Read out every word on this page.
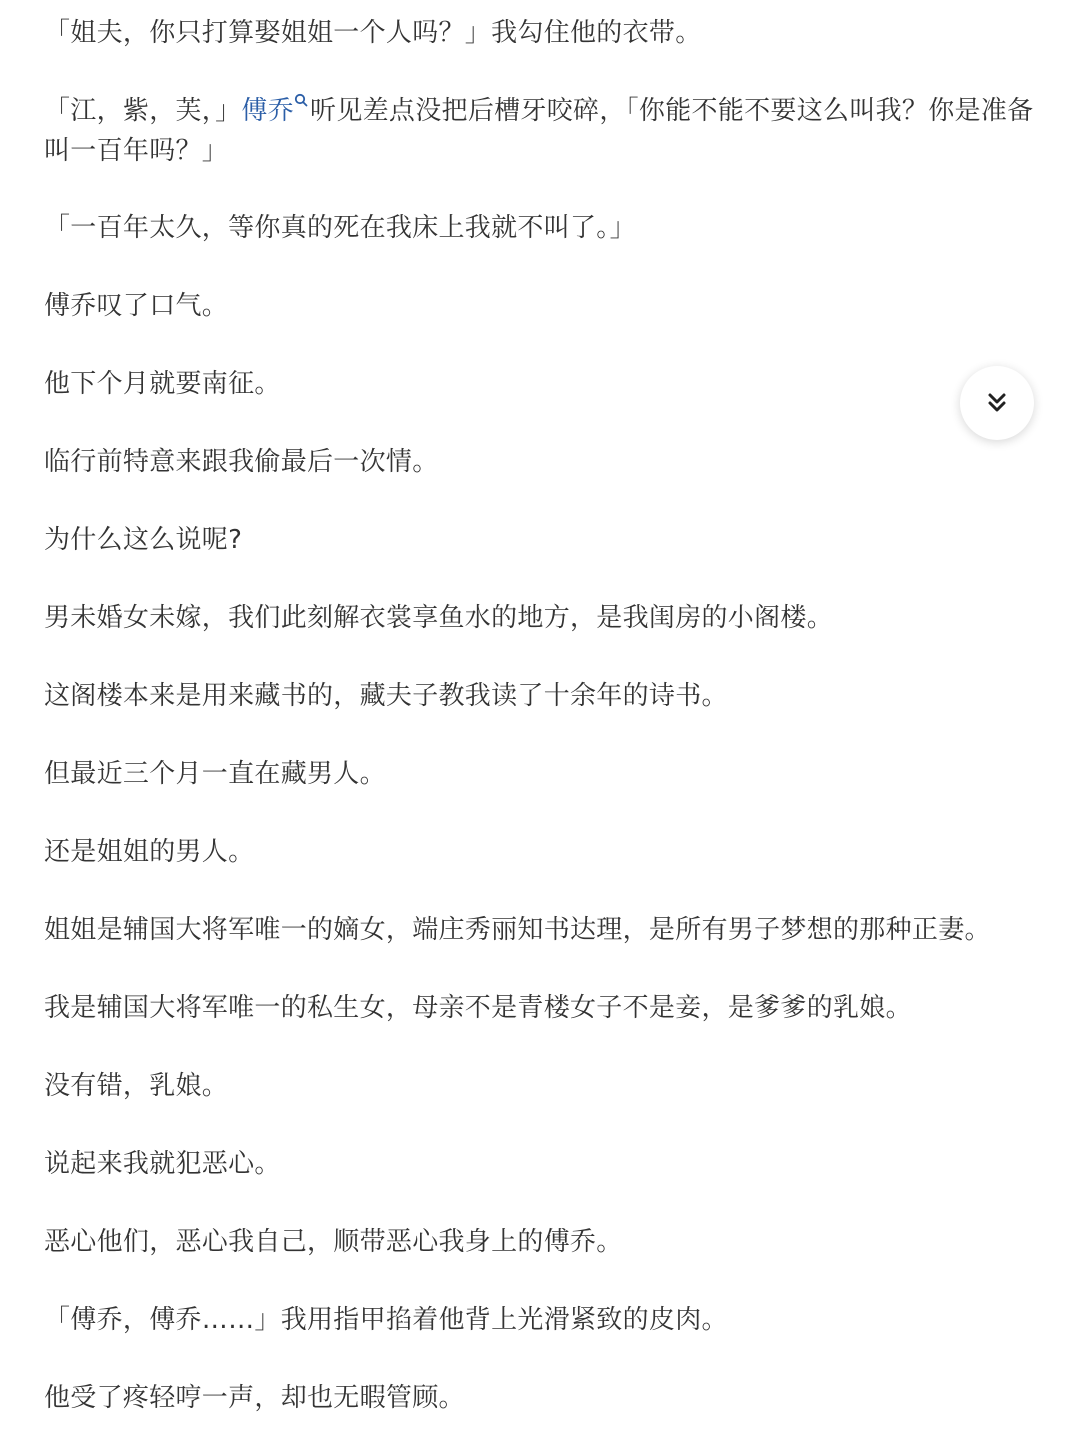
「姐夫，你只打算娶姐姐一个人吗？」我勾住他的衣带。

「江，紫，芙，」傅乔 听见差点没把后槽牙咬碎，「你能不能不要这么叫我？你是准备叫一百年吗？」

「一百年太久，等你真的死在我床上我就不叫了。」

傅乔叹了口气。

他下个月就要南征。

临行前特意来跟我偷最后一次情。

为什么这么说呢?

男未婚女未嫁，我们此刻解衣裳享鱼水的地方，是我闺房的小阁楼。

这阁楼本来是用来藏书的，藏夫子教我读了十余年的诗书。

但最近三个月一直在藏男人。

还是姐姐的男人。

姐姐是辅国大将军唯一的嫡女，端庄秀丽知书达理，是所有男子梦想的那种正妻。

我是辅国大将军唯一的私生女，母亲不是青楼女子不是妾，是爹爹的乳娘。

没有错，乳娘。

说起来我就犯恶心。

恶心他们，恶心我自己，顺带恶心我身上的傅乔。

「傅乔，傅乔……」我用指甲掐着他背上光滑紧致的皮肉。

他受了疼轻哼一声，却也无暇管顾。
